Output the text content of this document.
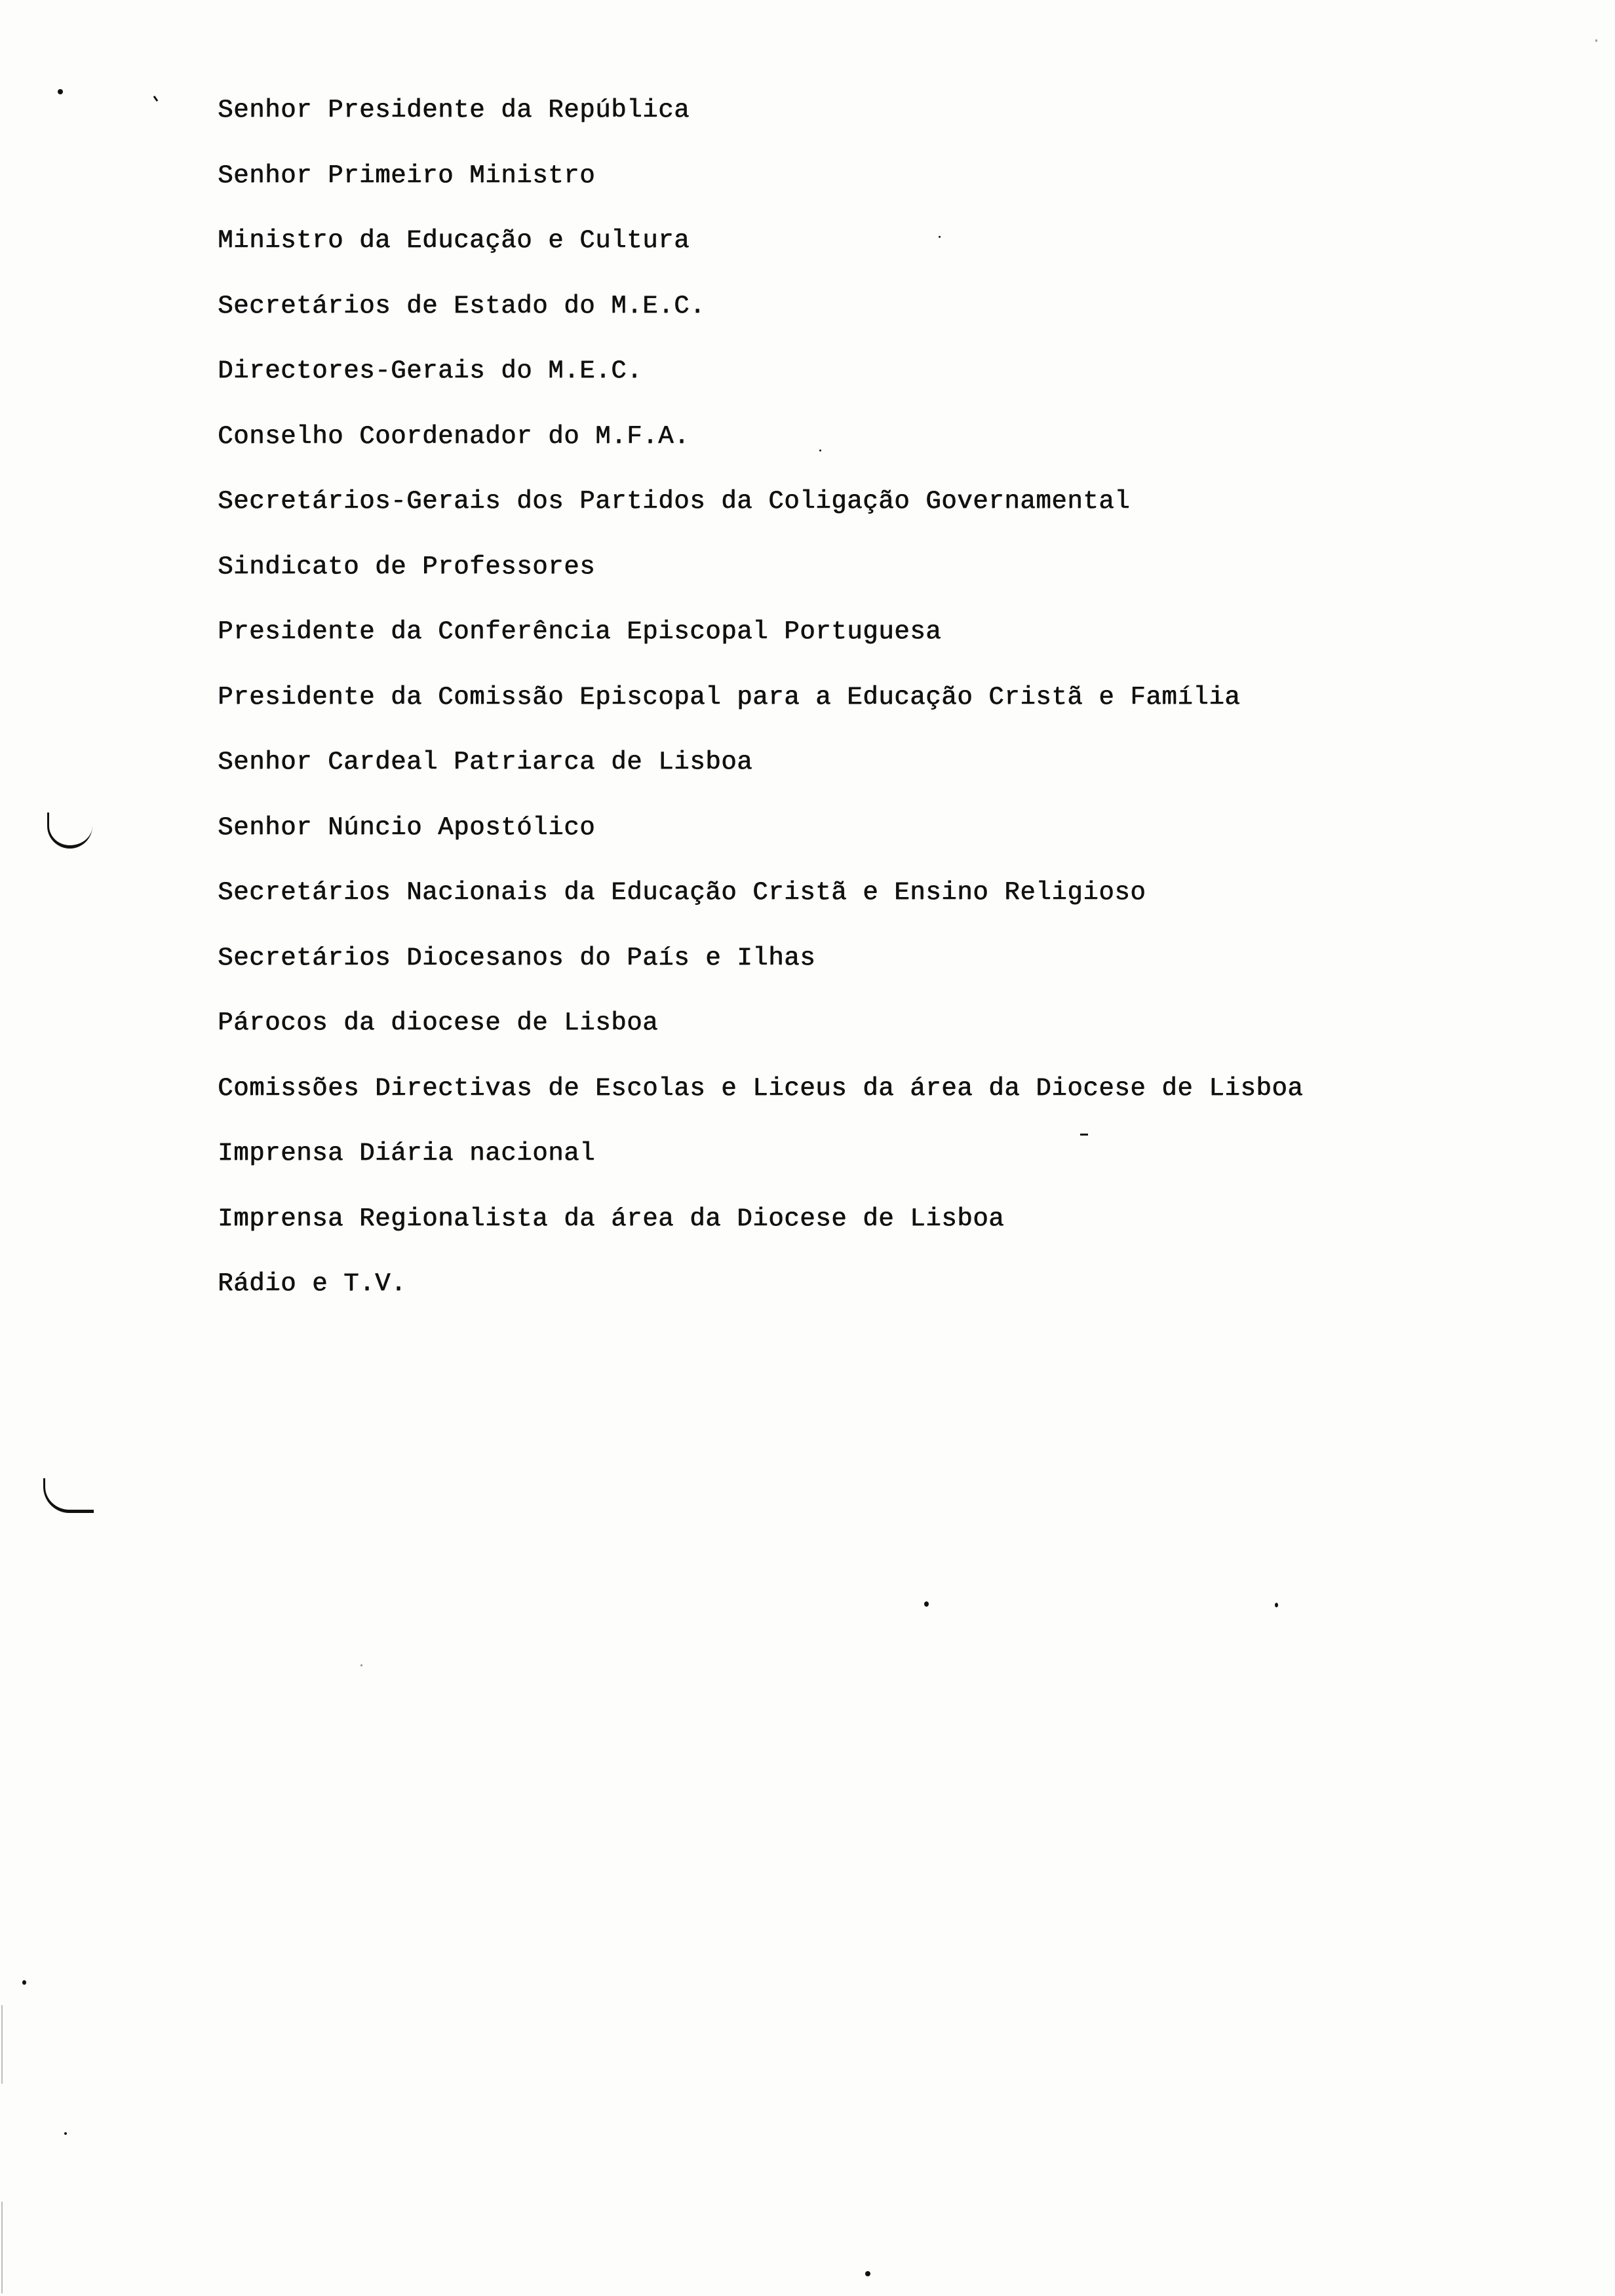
Senhor Presidente da República
Senhor Primeiro Ministro
Ministro da Educação e Cultura
Secretários de Estado do M.E.C.
Directores-Gerais do M.E.C.
Conselho Coordenador do M.F.A.
Secretários-Gerais dos Partidos da Coligação Governamental
Sindicato de Professores
Presidente da Conferência Episcopal Portuguesa
Presidente da Comissão Episcopal para a Educação Cristã e Família
Senhor Cardeal Patriarca de Lisboa
Senhor Núncio Apostólico
Secretários Nacionais da Educação Cristã e Ensino Religioso
Secretários Diocesanos do País e Ilhas
Párocos da diocese de Lisboa
Comissões Directivas de Escolas e Liceus da área da Diocese de Lisboa
Imprensa Diária nacional
Imprensa Regionalista da área da Diocese de Lisboa
Rádio e T.V.
